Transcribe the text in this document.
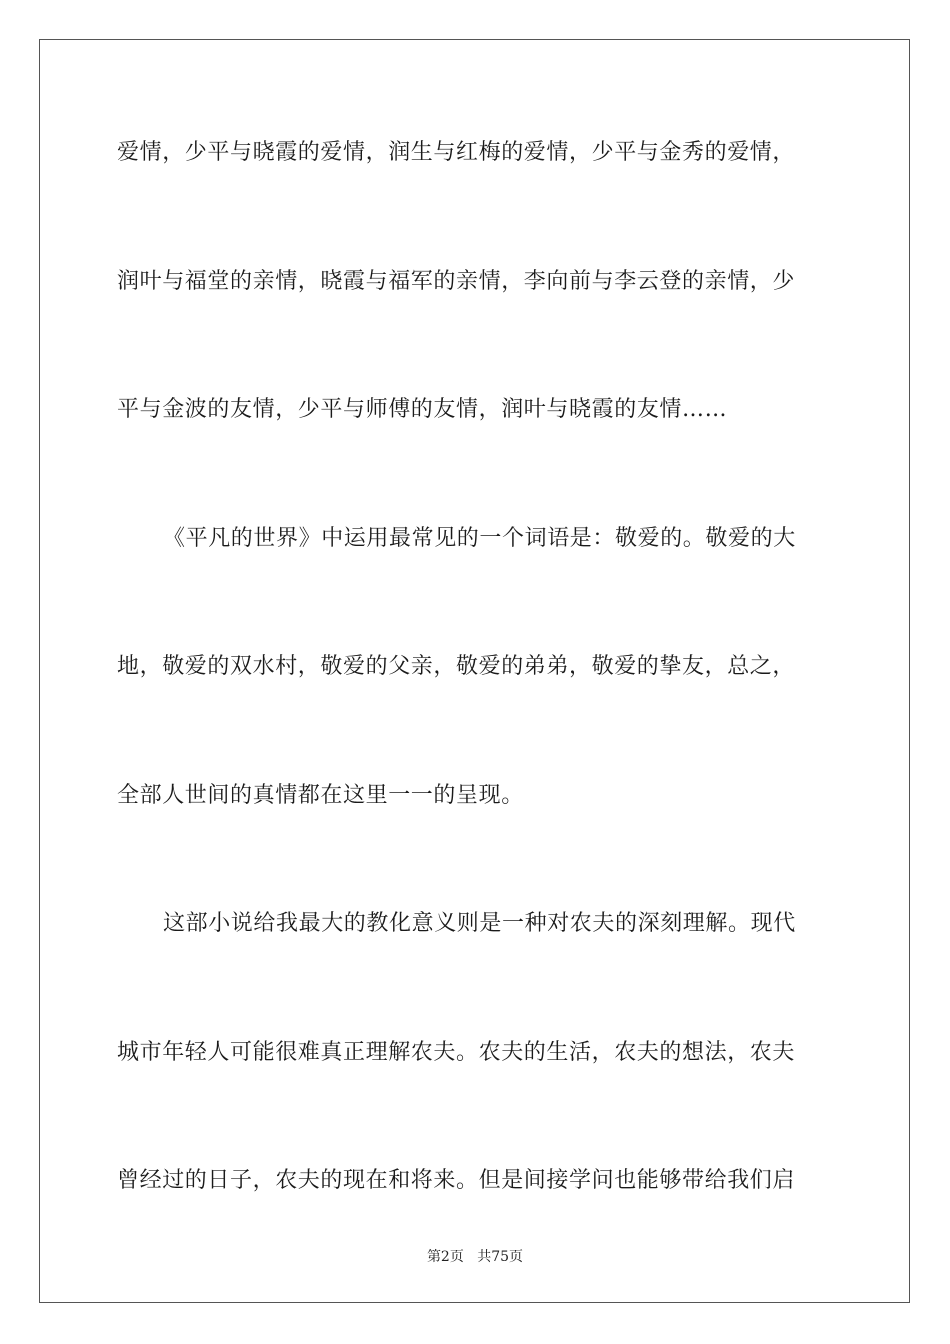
爱情，少平与晓霞的爱情，润生与红梅的爱情，少平与金秀的爱情，
润叶与福堂的亲情，晓霞与福军的亲情，李向前与李云登的亲情，少
平与金波的友情，少平与师傅的友情，润叶与晓霞的友情……
《平凡的世界》中运用最常见的一个词语是：敬爱的。敬爱的大
地，敬爱的双水村，敬爱的父亲，敬爱的弟弟，敬爱的挚友，总之，
全部人世间的真情都在这里一一的呈现。
这部小说给我最大的教化意义则是一种对农夫的深刻理解。现代
城市年轻人可能很难真正理解农夫。农夫的生活，农夫的想法，农夫
曾经过的日子，农夫的现在和将来。但是间接学问也能够带给我们启
第2页 共75页
